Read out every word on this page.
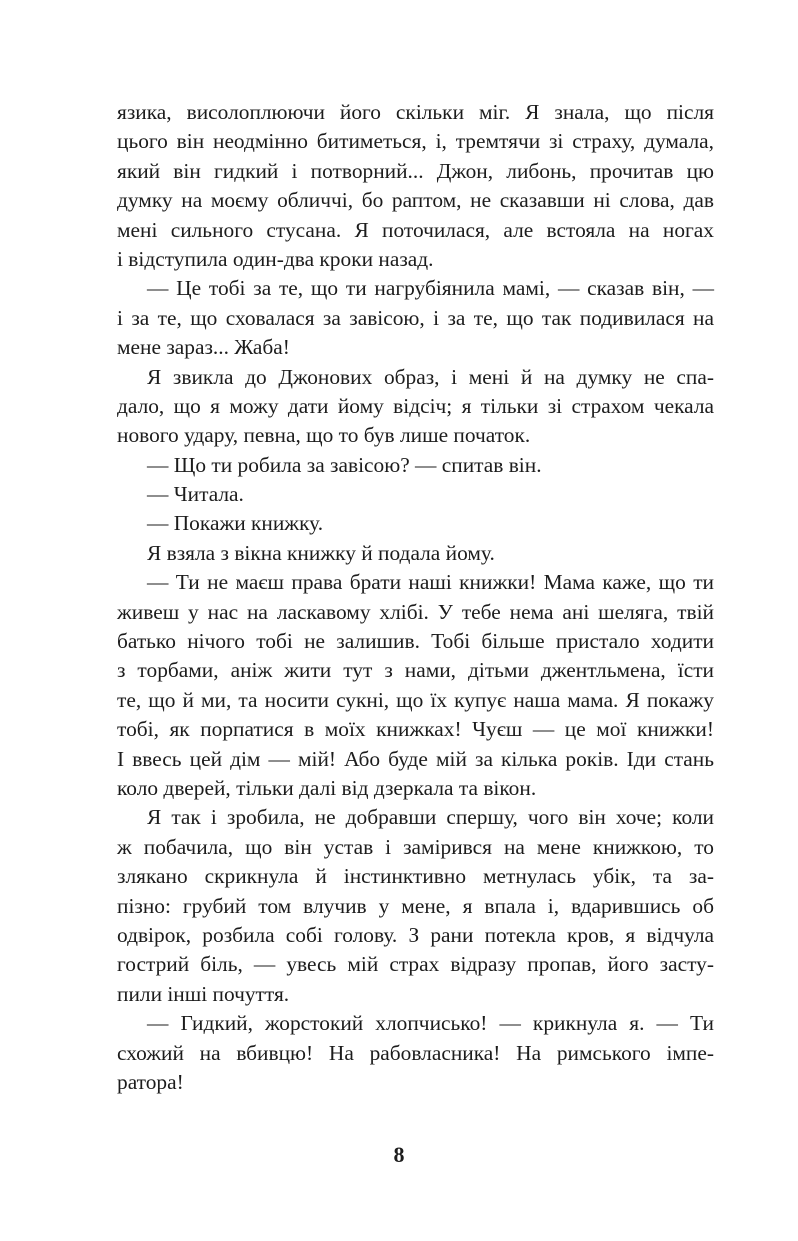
язика, висолоплюючи його скільки міг. Я знала, що після
цього він неодмінно битиметься, і, тремтячи зі страху, думала,
який він гидкий і потворний... Джон, либонь, прочитав цю
думку на моєму обличчі, бо раптом, не сказавши ні слова, дав
мені сильного стусана. Я поточилася, але встояла на ногах
і відступила один-два кроки назад.
— Це тобі за те, що ти нагрубіянила мамі, — сказав він, —
і за те, що сховалася за завісою, і за те, що так подивилася на
мене зараз... Жаба!
Я звикла до Джонових образ, і мені й на думку не спа-
дало, що я можу дати йому відсіч; я тільки зі страхом чекала
нового удару, певна, що то був лише початок.
— Що ти робила за завісою? — спитав він.
— Читала.
— Покажи книжку.
Я взяла з вікна книжку й подала йому.
— Ти не маєш права брати наші книжки! Мама каже, що ти
живеш у нас на ласкавому хлібі. У тебе нема ані шеляга, твій
батько нічого тобі не залишив. Тобі більше пристало ходити
з торбами, аніж жити тут з нами, дітьми джентльмена, їсти
те, що й ми, та носити сукні, що їх купує наша мама. Я покажу
тобі, як порпатися в моїх книжках! Чуєш — це мої книжки!
І ввесь цей дім — мій! Або буде мій за кілька років. Іди стань
коло дверей, тільки далі від дзеркала та вікон.
Я так і зробила, не добравши спершу, чого він хоче; коли
ж побачила, що він устав і замірився на мене книжкою, то
злякано скрикнула й інстинктивно метнулась убік, та за-
пізно: грубий том влучив у мене, я впала і, вдарившись об
одвірок, розбила собі голову. З рани потекла кров, я відчула
гострий біль, — увесь мій страх відразу пропав, його засту-
пили інші почуття.
— Гидкий, жорстокий хлопчисько! — крикнула я. — Ти
схожий на вбивцю! На рабовласника! На римського імпе-
ратора!
8
